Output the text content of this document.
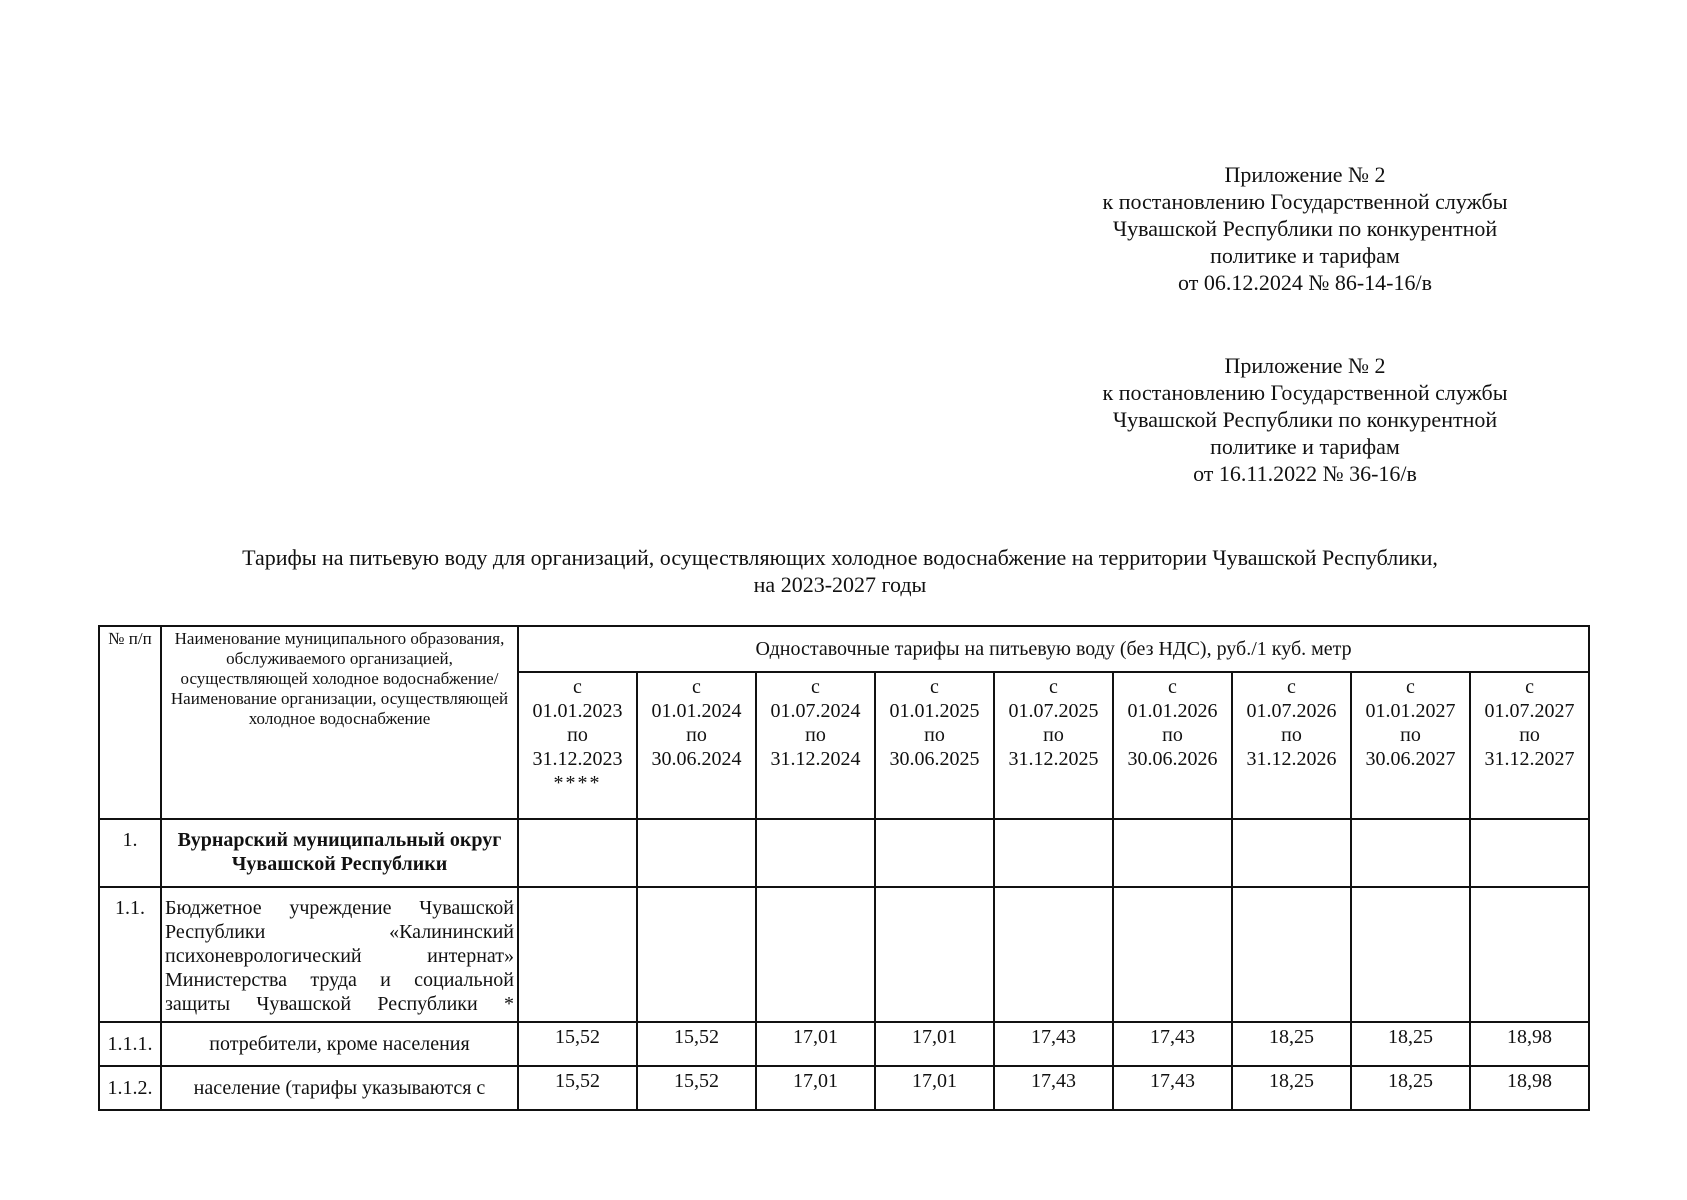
Приложение № 2
к постановлению Государственной службы
Чувашской Республики по конкурентной
политике и тарифам
от 06.12.2024 № 86-14-16/в
Приложение № 2
к постановлению Государственной службы
Чувашской Республики по конкурентной
политике и тарифам
от 16.11.2022 № 36-16/в
Тарифы на питьевую воду для организаций, осуществляющих холодное водоснабжение на территории Чувашской Республики,
на 2023-2027 годы
№ п/п	Наименование муниципального образования, обслуживаемого организацией, осуществляющей холодное водоснабжение/Наименование организации, осуществляющей холодное водоснабжение	Одноставочные тарифы на питьевую воду (без НДС), руб./1 куб. метр								

		с
01.01.2023
по
31.12.2023
****	с
01.01.2024
по
30.06.2024	с
01.07.2024
по
31.12.2024	с
01.01.2025
по
30.06.2025	с
01.07.2025
по
31.12.2025	с
01.01.2026
по
30.06.2026	с
01.07.2026
по
31.12.2026	с
01.01.2027
по
30.06.2027	с
01.07.2027
по
31.12.2027

1.	Вурнарский муниципальный округ Чувашской Республики									
1.1.	Бюджетное учреждение Чувашской Республики «Калининский психоневрологический интернат» Министерства труда и социальной защиты Чувашской Республики *									
1.1.1.	потребители, кроме населения	15,52	15,52	17,01	17,01	17,43	17,43	18,25	18,25	18,98
1.1.2.	население (тарифы указываются с	15,52	15,52	17,01	17,01	17,43	17,43	18,25	18,25	18,98
